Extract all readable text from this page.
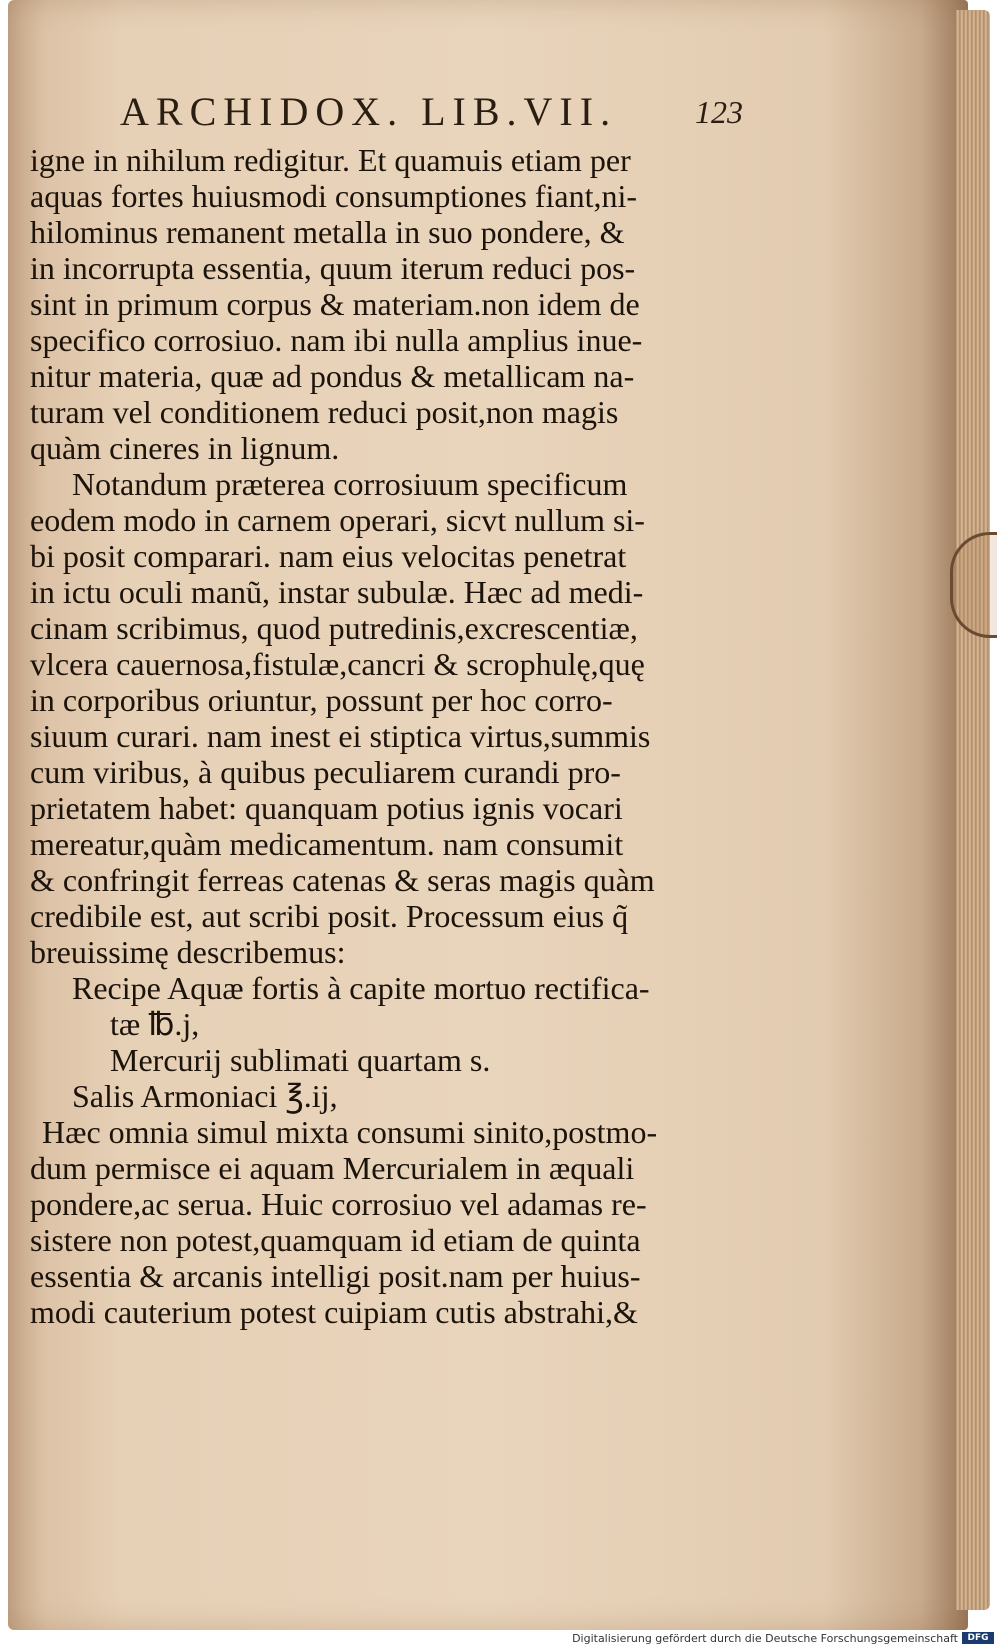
ARCHIDOX. LIB.VII.	123
igne in nihilum redigitur. Et quamuis etiam per
aquas fortes huiusmodi consumptiones fiant,ni-
hilominus remanent metalla in suo pondere, &
in incorrupta essentia, quum iterum reduci pos-
sint in primum corpus & materiam.non idem de
specifico corrosiuo. nam ibi nulla amplius inue-
nitur materia, quæ ad pondus & metallicam na-
turam vel conditionem reduci posit,non magis
quàm cineres in lignum.
Notandum præterea corrosiuum specificum
eodem modo in carnem operari, sicvt nullum si-
bi posit comparari. nam eius velocitas penetrat
in ictu oculi manũ, instar subulæ. Hæc ad medi-
cinam scribimus, quod putredinis,excrescentiæ,
vlcera cauernosa,fistulæ,cancri & scrophulę,quę
in corporibus oriuntur, possunt per hoc corro-
siuum curari. nam inest ei stiptica virtus,summis
cum viribus, à quibus peculiarem curandi pro-
prietatem habet: quanquam potius ignis vocari
mereatur,quàm medicamentum. nam consumit
& confringit ferreas catenas & seras magis quàm
credibile est, aut scribi posit. Processum eius q̃
breuissimę describemus:
Recipe Aquæ fortis à capite mortuo rectifica-
tæ ℔.j,
Mercurij sublimati quartam s.
Salis Armoniaci ℥.ij,
Hæc omnia simul mixta consumi sinito,postmo-
dum permisce ei aquam Mercurialem in æquali
pondere,ac serua. Huic corrosiuo vel adamas re-
sistere non potest,quamquam id etiam de quinta
essentia & arcanis intelligi posit.nam per huius-
modi cauterium potest cuipiam cutis abstrahi,&
Digitalisierung gefördert durch die Deutsche Forschungsgemeinschaft	DFG
